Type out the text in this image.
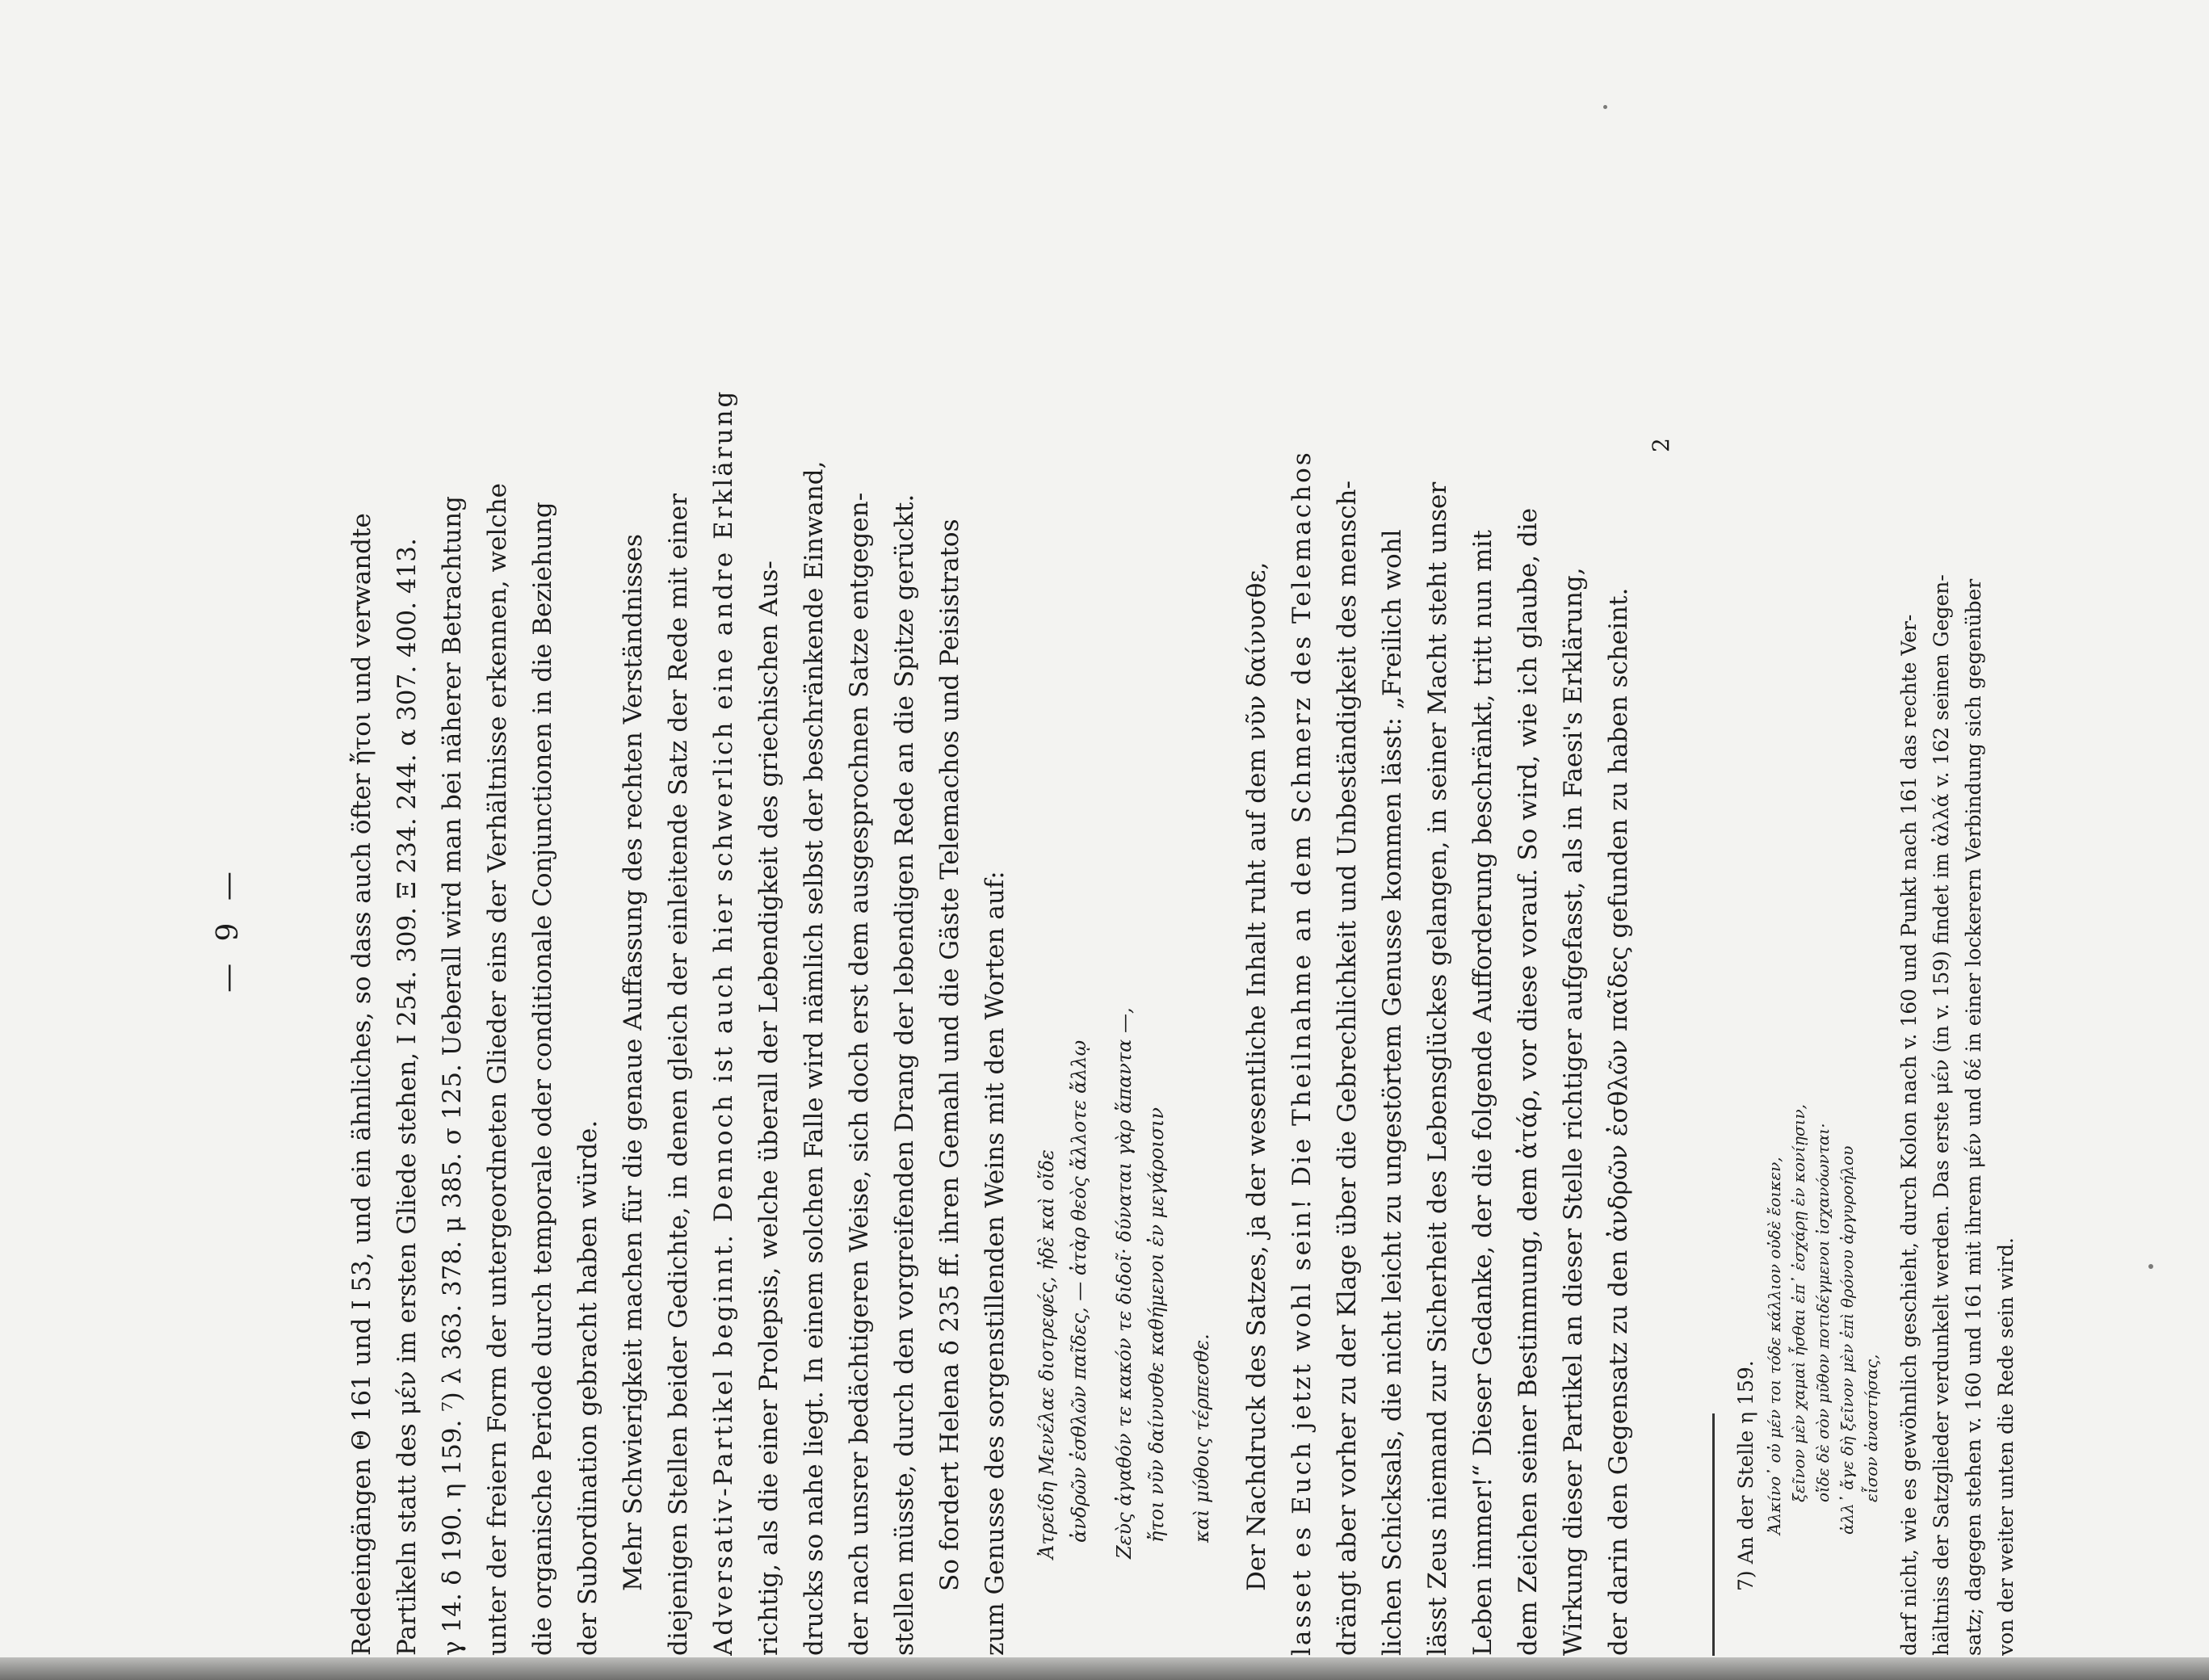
— 9 —	Redeeingängen Θ 161 und Ι 53, und ein ähnliches, so dass auch öfter ἤτοι und verwandte Partikeln statt des μέν im ersten Gliede stehen, Ι 254. 309. Ξ 234. 244. α 307. 400. 413. γ 14. δ 190. η 159. ⁷) λ 363. 378. μ 385. σ 125. Ueberall wird man bei näherer Betrachtung unter der freiern Form der untergeordneten Glieder eins der Verhältnisse erkennen, welche die organische Periode durch temporale oder conditionale Conjunctionen in die Beziehung der Subordination gebracht haben würde. Mehr Schwierigkeit machen für die genaue Auffassung des rechten Verständnisses diejenigen Stellen beider Gedichte, in denen gleich der einleitende Satz der Rede mit einer Adversativ-Partikel beginnt. Dennoch ist auch hier schwerlich eine andre Erklärung richtig, als die einer Prolepsis, welche überall der Lebendigkeit des griechischen Aus- drucks so nahe liegt. In einem solchen Falle wird nämlich selbst der beschränkende Einwand, der nach unsrer bedächtigeren Weise, sich doch erst dem ausgesprochnen Satze entgegen- stellen müsste, durch den vorgreifenden Drang der lebendigen Rede an die Spitze gerückt. So fordert Helena δ 235 ff. ihren Gemahl und die Gäste Telemachos und Peisistratos zum Genusse des sorgenstillenden Weins mit den Worten auf:	Ἀτρείδη Μενέλαε διοτρεφές, ἠδὲ καὶ οἵδε ἀνδρῶν ἐσθλῶν παῖδες, — ἀτὰρ θεὸς ἄλλοτε ἄλλῳ Ζεὺς ἀγαθόν τε κακόν τε διδοῖ· δύναται γὰρ ἅπαντα —, ἤτοι νῦν δαίνυσθε καθήμενοι ἐν μεγάροισιν καὶ μύθοις τέρπεσθε.	Der Nachdruck des Satzes, ja der wesentliche Inhalt ruht auf dem νῦν δαίνυσθε, lasset es Euch jetzt wohl sein! Die Theilnahme an dem Schmerz des Telemachos drängt aber vorher zu der Klage über die Gebrechlichkeit und Unbeständigkeit des mensch- lichen Schicksals, die nicht leicht zu ungestörtem Genusse kommen lässt: „Freilich wohl lässt Zeus niemand zur Sicherheit des Lebensglückes gelangen, in seiner Macht steht unser Leben immer!“ Dieser Gedanke, der die folgende Aufforderung beschränkt, tritt nun mit dem Zeichen seiner Bestimmung, dem ἀτάρ, vor diese vorauf. So wird, wie ich glaube, die Wirkung dieser Partikel an dieser Stelle richtiger aufgefasst, als in Faesi's Erklärung, der darin den Gegensatz zu den ἀνδρῶν ἐσθλῶν παῖδες gefunden zu haben scheint.	7) An der Stelle η 159. Ἀλκίνο᾽ οὐ μέν τοι τόδε κάλλιον οὐδὲ ἔοικεν, ξεῖνον μὲν χαμαὶ ἧσθαι ἐπ᾽ ἐσχάρῃ ἐν κονίῃσιν, οἵδε δὲ σὸν μῦθον ποτιδέγμενοι ἰσχανόωνται· ἀλλ᾽ ἄγε δὴ ξεῖνον μὲν ἐπὶ θρόνου ἀργυροήλου εἷσον ἀναστήσας, darf nicht, wie es gewöhnlich geschieht, durch Kolon nach v. 160 und Punkt nach 161 das rechte Ver- hältniss der Satzglieder verdunkelt werden. Das erste μέν (in v. 159) findet im ἀλλά v. 162 seinen Gegen- satz; dagegen stehen v. 160 und 161 mit ihrem μέν und δέ in einer lockerern Verbindung sich gegenüber von der weiter unten die Rede sein wird.
2
